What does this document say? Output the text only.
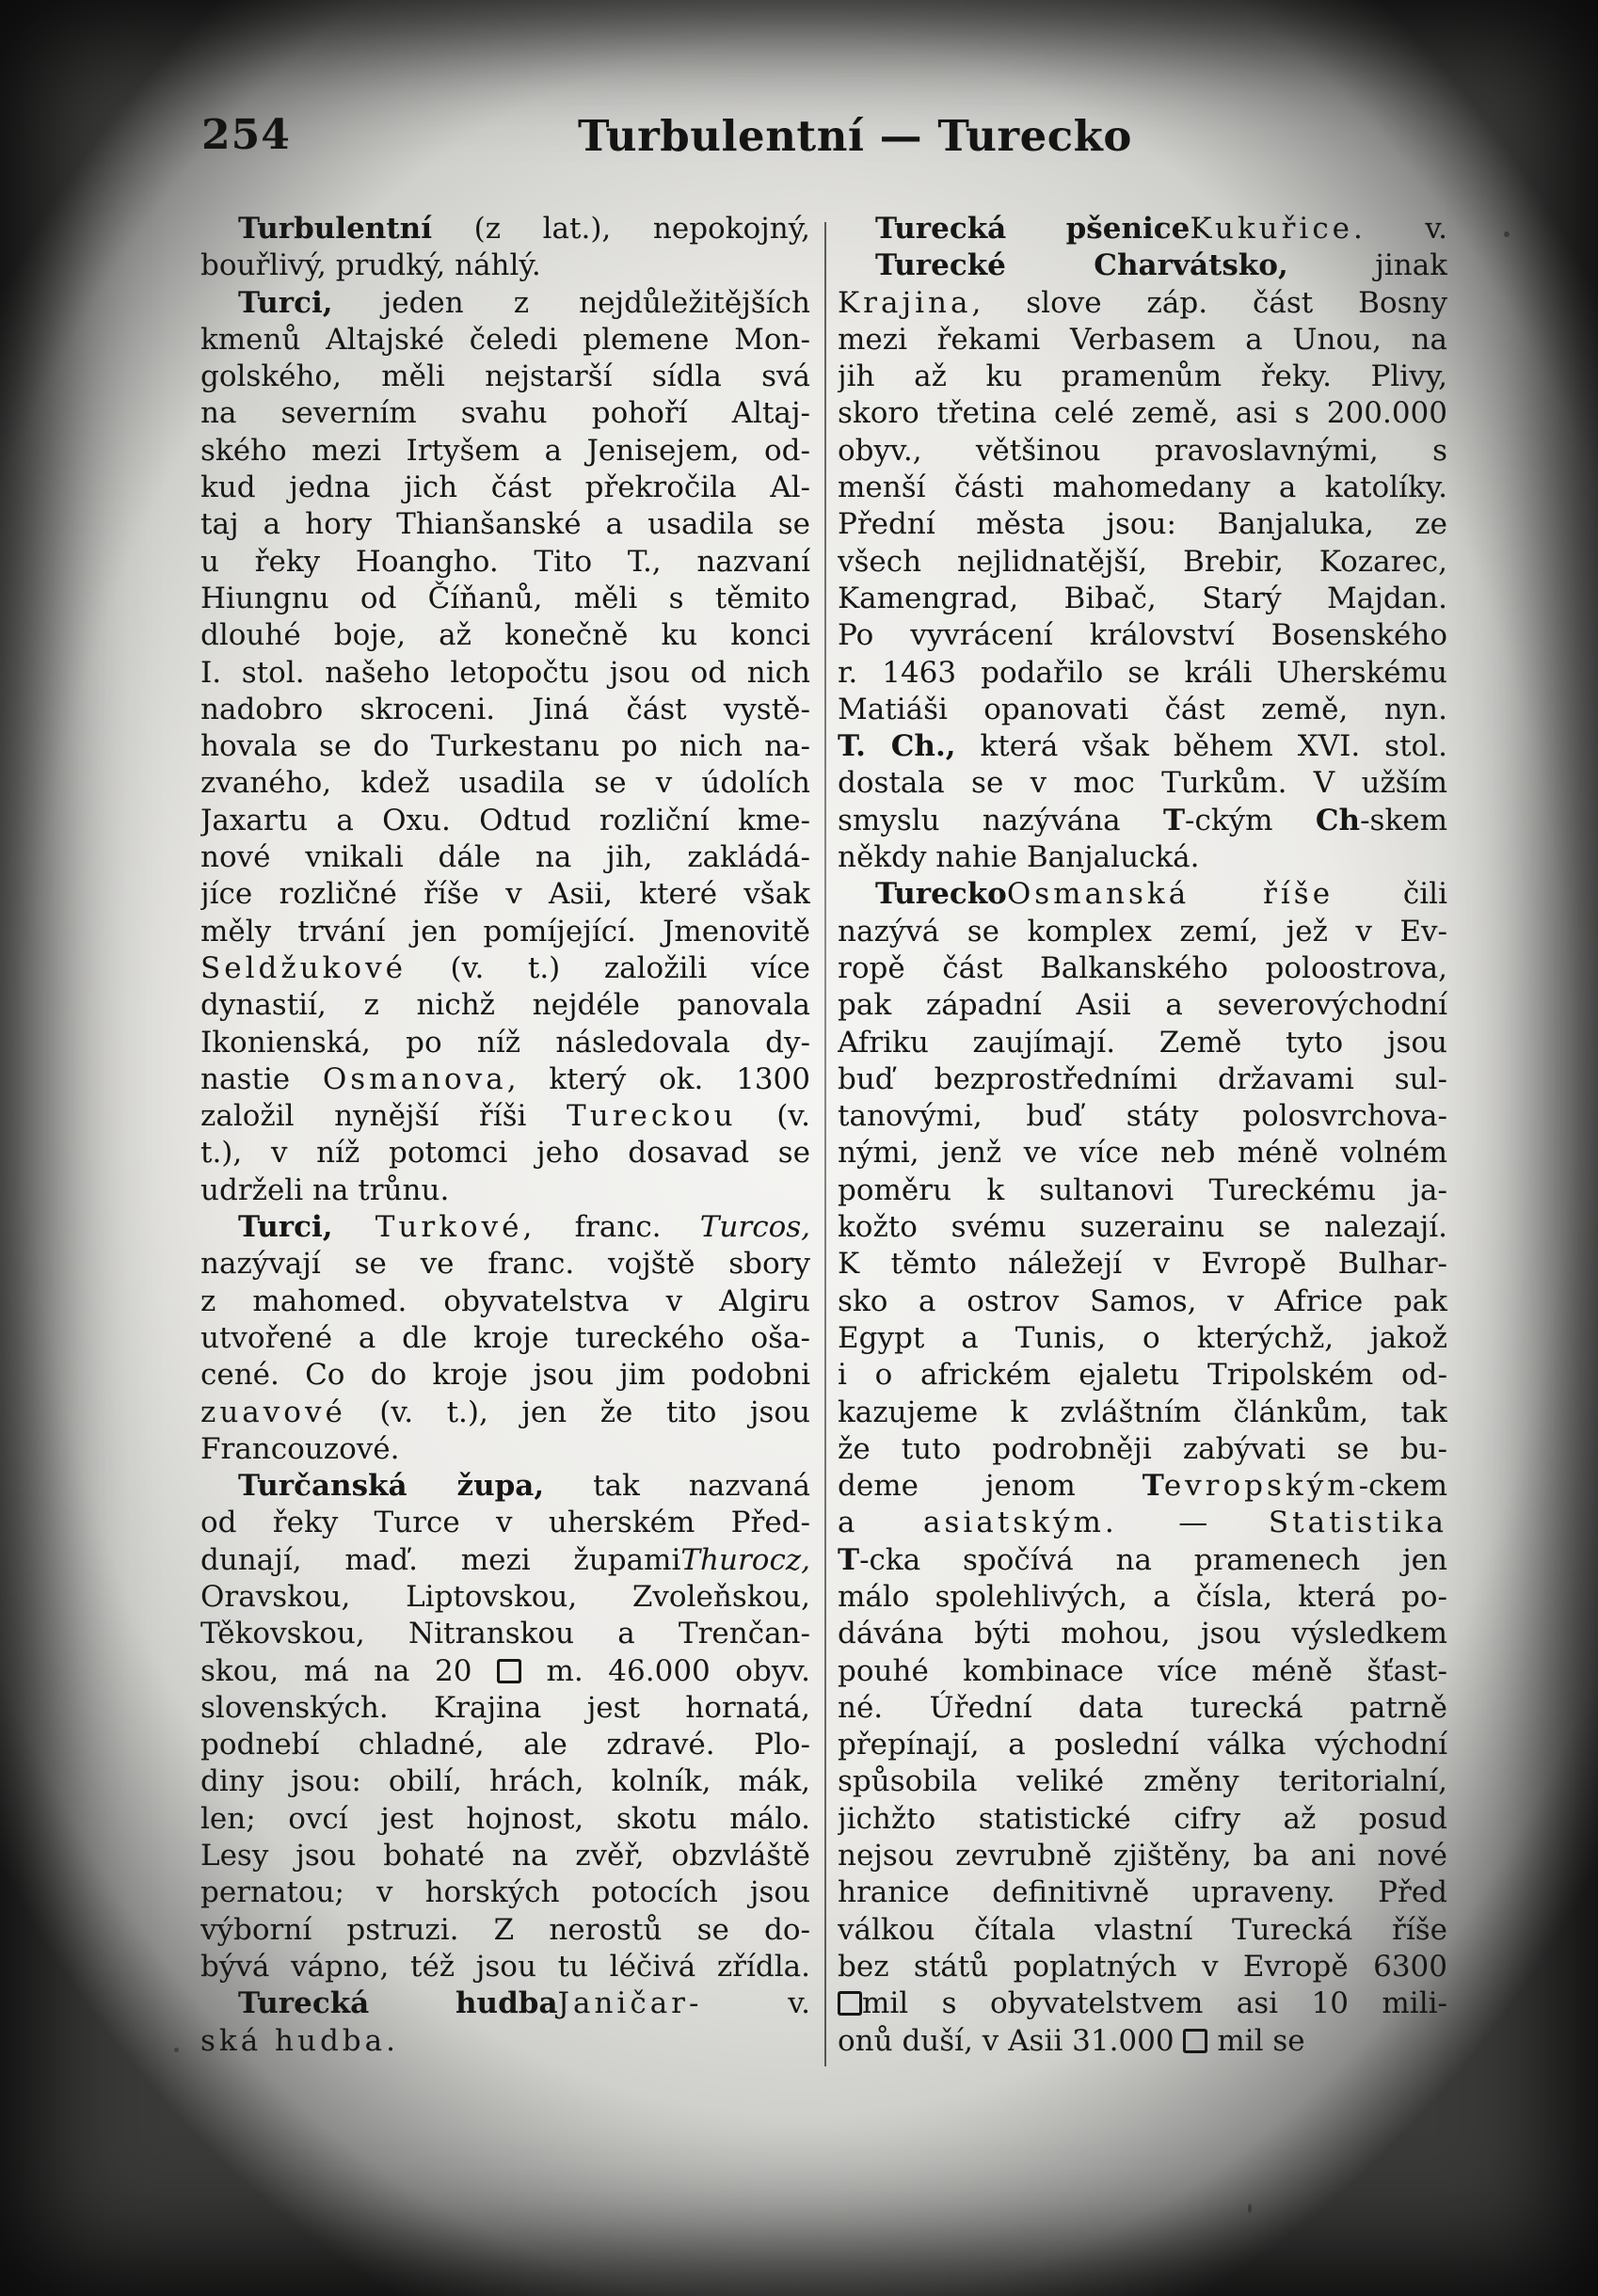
254	Turbulentní — Turecko
Turbulentní (z lat.), nepokojný,
bouřlivý, prudký, náhlý.
Turci, jeden z nejdůležitějších
kmenů Altajské čeledi plemene Mon-
golského, měli nejstarší sídla svá
na severním svahu pohoří Altaj-
ského mezi Irtyšem a Jenisejem, od-
kud jedna jich část překročila Al-
taj a hory Thianšanské a usadila se
u řeky Hoangho. Tito T., nazvaní
Hiungnu od Číňanů, měli s těmito
dlouhé boje, až konečně ku konci
I. stol. našeho letopočtu jsou od nich
nadobro skroceni. Jiná část vystě-
hovala se do Turkestanu po nich na-
zvaného, kdež usadila se v údolích
Jaxartu a Oxu. Odtud rozliční kme-
nové vnikali dále na jih, zakládá-
jíce rozličné říše v Asii, které však
měly trvání jen pomíjející. Jmenovitě
Seldžukové (v. t.) založili více
dynastií, z nichž nejdéle panovala
Ikonienská, po níž následovala dy-
nastie Osmanova, který ok. 1300
založil nynější říši Tureckou (v.
t.), v níž potomci jeho dosavad se
udrželi na trůnu.
Turci, Turkové, franc. Turcos,
nazývají se ve franc. vojště sbory
z mahomed. obyvatelstva v Algiru
utvořené a dle kroje tureckého oša-
cené. Co do kroje jsou jim podobni
zuavové (v. t.), jen že tito jsou
Francouzové.
Turčanská župa, tak nazvaná
od řeky Turce v uherském Před-
dunají, maď. mezi župamiThurocz,
Oravskou, Liptovskou, Zvoleňskou,
Těkovskou, Nitranskou a Trenčan-
skou, má na 20  m. 46.000 obyv.
slovenských. Krajina jest hornatá,
podnebí chladné, ale zdravé. Plo-
diny jsou: obilí, hrách, kolník, mák,
len; ovcí jest hojnost, skotu málo.
Lesy jsou bohaté na zvěř, obzvláště
pernatou; v horských potocích jsou
výborní pstruzi. Z nerostů se do-
bývá vápno, též jsou tu léčivá zřídla.
Turecká hudbaJaničar- v.
ská hudba.
Turecká pšeniceKukuřice. v.
Turecké Charvátsko, jinak
Krajina, slove záp. část Bosny
mezi řekami Verbasem a Unou, na
jih až ku pramenům řeky. Plivy,
skoro třetina celé země, asi s 200.000
obyv., většinou pravoslavnými, s
menší části mahomedany a katolíky.
Přední města jsou: Banjaluka, ze
všech nejlidnatější, Brebir, Kozarec,
Kamengrad, Bibač, Starý Majdan.
Po vyvrácení království Bosenského
r. 1463 podařilo se králi Uherskému
Matiáši opanovati část země, nyn.
T. Ch., která však během XVI. stol.
dostala se v moc Turkům. V užším
smyslu nazývána T-ckým Ch-skem
někdy nahie Banjalucká.
TureckoOsmanská říše čili
nazývá se komplex zemí, jež v Ev-
ropě část Balkanského poloostrova,
pak západní Asii a severovýchodní
Afriku zaujímají. Země tyto jsou
buď bezprostředními državami sul-
tanovými, buď státy polosvrchova-
nými, jenž ve více neb méně volném
poměru k sultanovi Tureckému ja-
kožto svému suzerainu se nalezají.
K těmto náležejí v Evropě Bulhar-
sko a ostrov Samos, v Africe pak
Egypt a Tunis, o kterýchž, jakož
i o africkém ejaletu Tripolském od-
kazujeme k zvláštním článkům, tak
že tuto podrobněji zabývati se bu-
deme jenom Tevropským-ckem
a asiatským. — Statistika
T-cka spočívá na pramenech jen
málo spolehlivých, a čísla, která po-
dávána býti mohou, jsou výsledkem
pouhé kombinace více méně šťast-
né. Úřední data turecká patrně
přepínají, a poslední válka východní
spůsobila veliké změny teritorialní,
jichžto statistické cifry až posud
nejsou zevrubně zjištěny, ba ani nové
hranice definitivně upraveny. Před
válkou čítala vlastní Turecká říše
bez států poplatných v Evropě 6300
mil s obyvatelstvem asi 10 mili-
onů duší, v Asii 31.000  mil se
